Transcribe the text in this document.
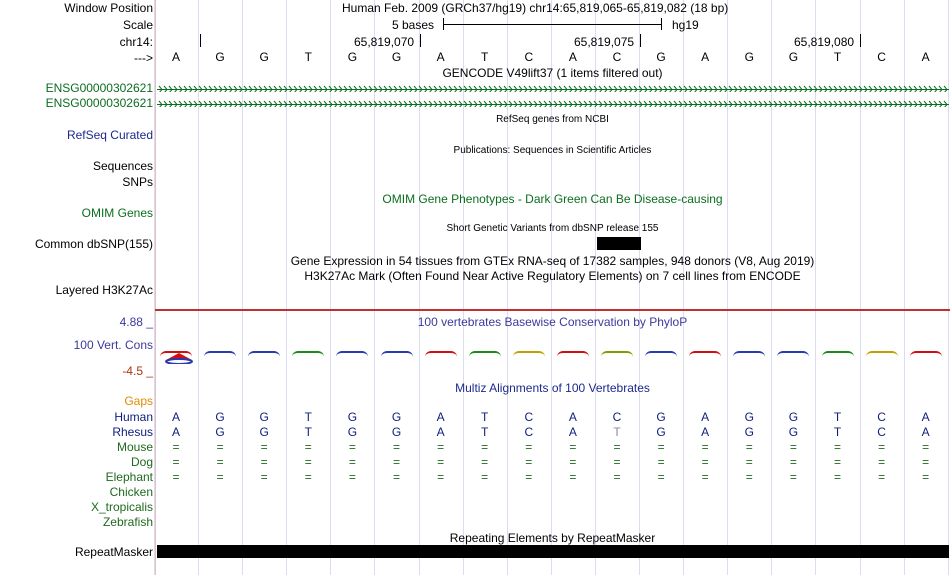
Window Position	Human Feb. 2009 (GRCh37/hg19) chr14:65,819,065-65,819,082 (18 bp)
Scale	5 bases	hg19
chr14:	65,819,070	65,819,075	65,819,080
--->	A	G	G	T	G	G	A	T	C	A	C	G	A	G	G	T	C	A
GENCODE V49lift37 (1 items filtered out)
ENSG00000302621
ENSG00000302621
RefSeq genes from NCBI
RefSeq Curated
Publications: Sequences in Scientific Articles
Sequences
SNPs
OMIM Gene Phenotypes - Dark Green Can Be Disease-causing
OMIM Genes
Short Genetic Variants from dbSNP release 155
Common dbSNP(155)
Gene Expression in 54 tissues from GTEx RNA-seq of 17382 samples, 948 donors (V8, Aug 2019)
H3K27Ac Mark (Often Found Near Active Regulatory Elements) on 7 cell lines from ENCODE
Layered H3K27Ac
4.88 _	100 vertebrates Basewise Conservation by PhyloP
100 Vert. Cons
-4.5 _
Multiz Alignments of 100 Vertebrates
Gaps
Human	A	G	G	T	G	G	A	T	C	A	C	G	A	G	G	T	C	A
Rhesus	A	G	G	T	G	G	A	T	C	A	T	G	A	G	G	T	C	A
Mouse	=	=	=	=	=	=	=	=	=	=	=	=	=	=	=	=	=	=
Dog	=	=	=	=	=	=	=	=	=	=	=	=	=	=	=	=	=	=
Elephant	=	=	=	=	=	=	=	=	=	=	=	=	=	=	=	=	=	=
Chicken
X_tropicalis
Zebrafish
Repeating Elements by RepeatMasker
RepeatMasker
